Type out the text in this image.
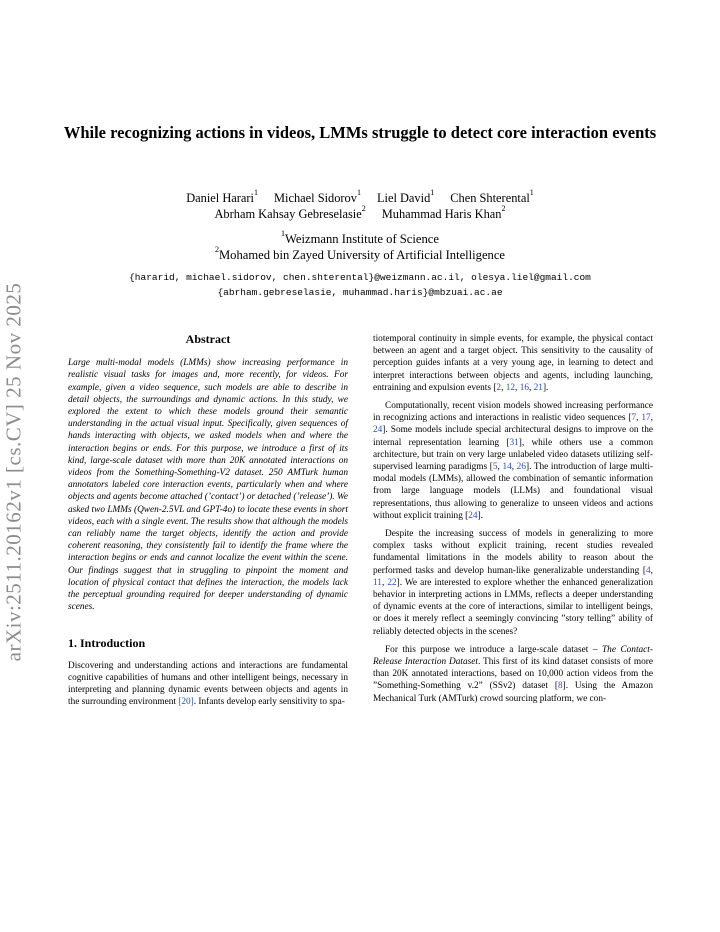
arXiv:2511.20162v1 [cs.CV] 25 Nov 2025
While recognizing actions in videos, LMMs struggle to detect core interaction events
Daniel Harari$^1$ Michael Sidorov$^1$ Liel David$^1$ Chen Shterental$^1$
Abrham Kahsay Gebreselasie$^2$ Muhammad Haris Khan$^2$
$^1$Weizmann Institute of Science
$^2$Mohamed bin Zayed University of Artificial Intelligence
{hararid, michael.sidorov, chen.shterental}@weizmann.ac.il, olesya.liel@gmail.com
{abrham.gebreselasie, muhammad.haris}@mbzuai.ac.ae
Abstract
Large multi-modal models (LMMs) show increasing performance in realistic visual tasks for images and, more recently, for videos. For example, given a video sequence, such models are able to describe in detail objects, the surroundings and dynamic actions. In this study, we explored the extent to which these models ground their semantic understanding in the actual visual input. Specifically, given sequences of hands interacting with objects, we asked models when and where the interaction begins or ends. For this purpose, we introduce a first of its kind, large-scale dataset with more than 20K annotated interactions on videos from the Something-Something-V2 dataset. 250 AMTurk human annotators labeled core interaction events, particularly when and where objects and agents become attached (’contact’) or detached (’release’). We asked two LMMs (Qwen-2.5VL and GPT-4o) to locate these events in short videos, each with a single event. The results show that although the models can reliably name the target objects, identify the action and provide coherent reasoning, they consistently fail to identify the frame where the interaction begins or ends and cannot localize the event within the scene. Our findings suggest that in struggling to pinpoint the moment and location of physical contact that defines the interaction, the models lack the perceptual grounding required for deeper understanding of dynamic scenes.
1. Introduction

Discovering and understanding actions and interactions are fundamental cognitive capabilities of humans and other intelligent beings, necessary in interpreting and planning dynamic events between objects and agents in the surrounding environment [20]. Infants develop early sensitivity to spa-

tiotemporal continuity in simple events, for example, the physical contact between an agent and a target object. This sensitivity to the causality of perception guides infants at a very young age, in learning to detect and interpret interactions between objects and agents, including launching, entraining and expulsion events [2, 12, 16, 21].

Computationally, recent vision models showed increasing performance in recognizing actions and interactions in realistic video sequences [7, 17, 24]. Some models include special architectural designs to improve on the internal representation learning [31], while others use a common architecture, but train on very large unlabeled video datasets utilizing self-supervised learning paradigms [5, 14, 26]. The introduction of large multi-modal models (LMMs), allowed the combination of semantic information from large language models (LLMs) and foundational visual representations, thus allowing to generalize to unseen videos and actions without explicit training [24].

Despite the increasing success of models in generalizing to more complex tasks without explicit training, recent studies revealed fundamental limitations in the models ability to reason about the performed tasks and develop human-like generalizable understanding [4, 11, 22]. We are interested to explore whether the enhanced generalization behavior in interpreting actions in LMMs, reflects a deeper understanding of dynamic events at the core of interactions, similar to intelligent beings, or does it merely reflect a seemingly convincing ”story telling” ability of reliably detected objects in the scenes?

For this purpose we introduce a large-scale dataset – The Contact-Release Interaction Dataset. This first of its kind dataset consists of more than 20K annotated interactions, based on 10,000 action videos from the ”Something-Something v.2” (SSv2) dataset [8]. Using the Amazon Mechanical Turk (AMTurk) crowd sourcing platform, we con-
